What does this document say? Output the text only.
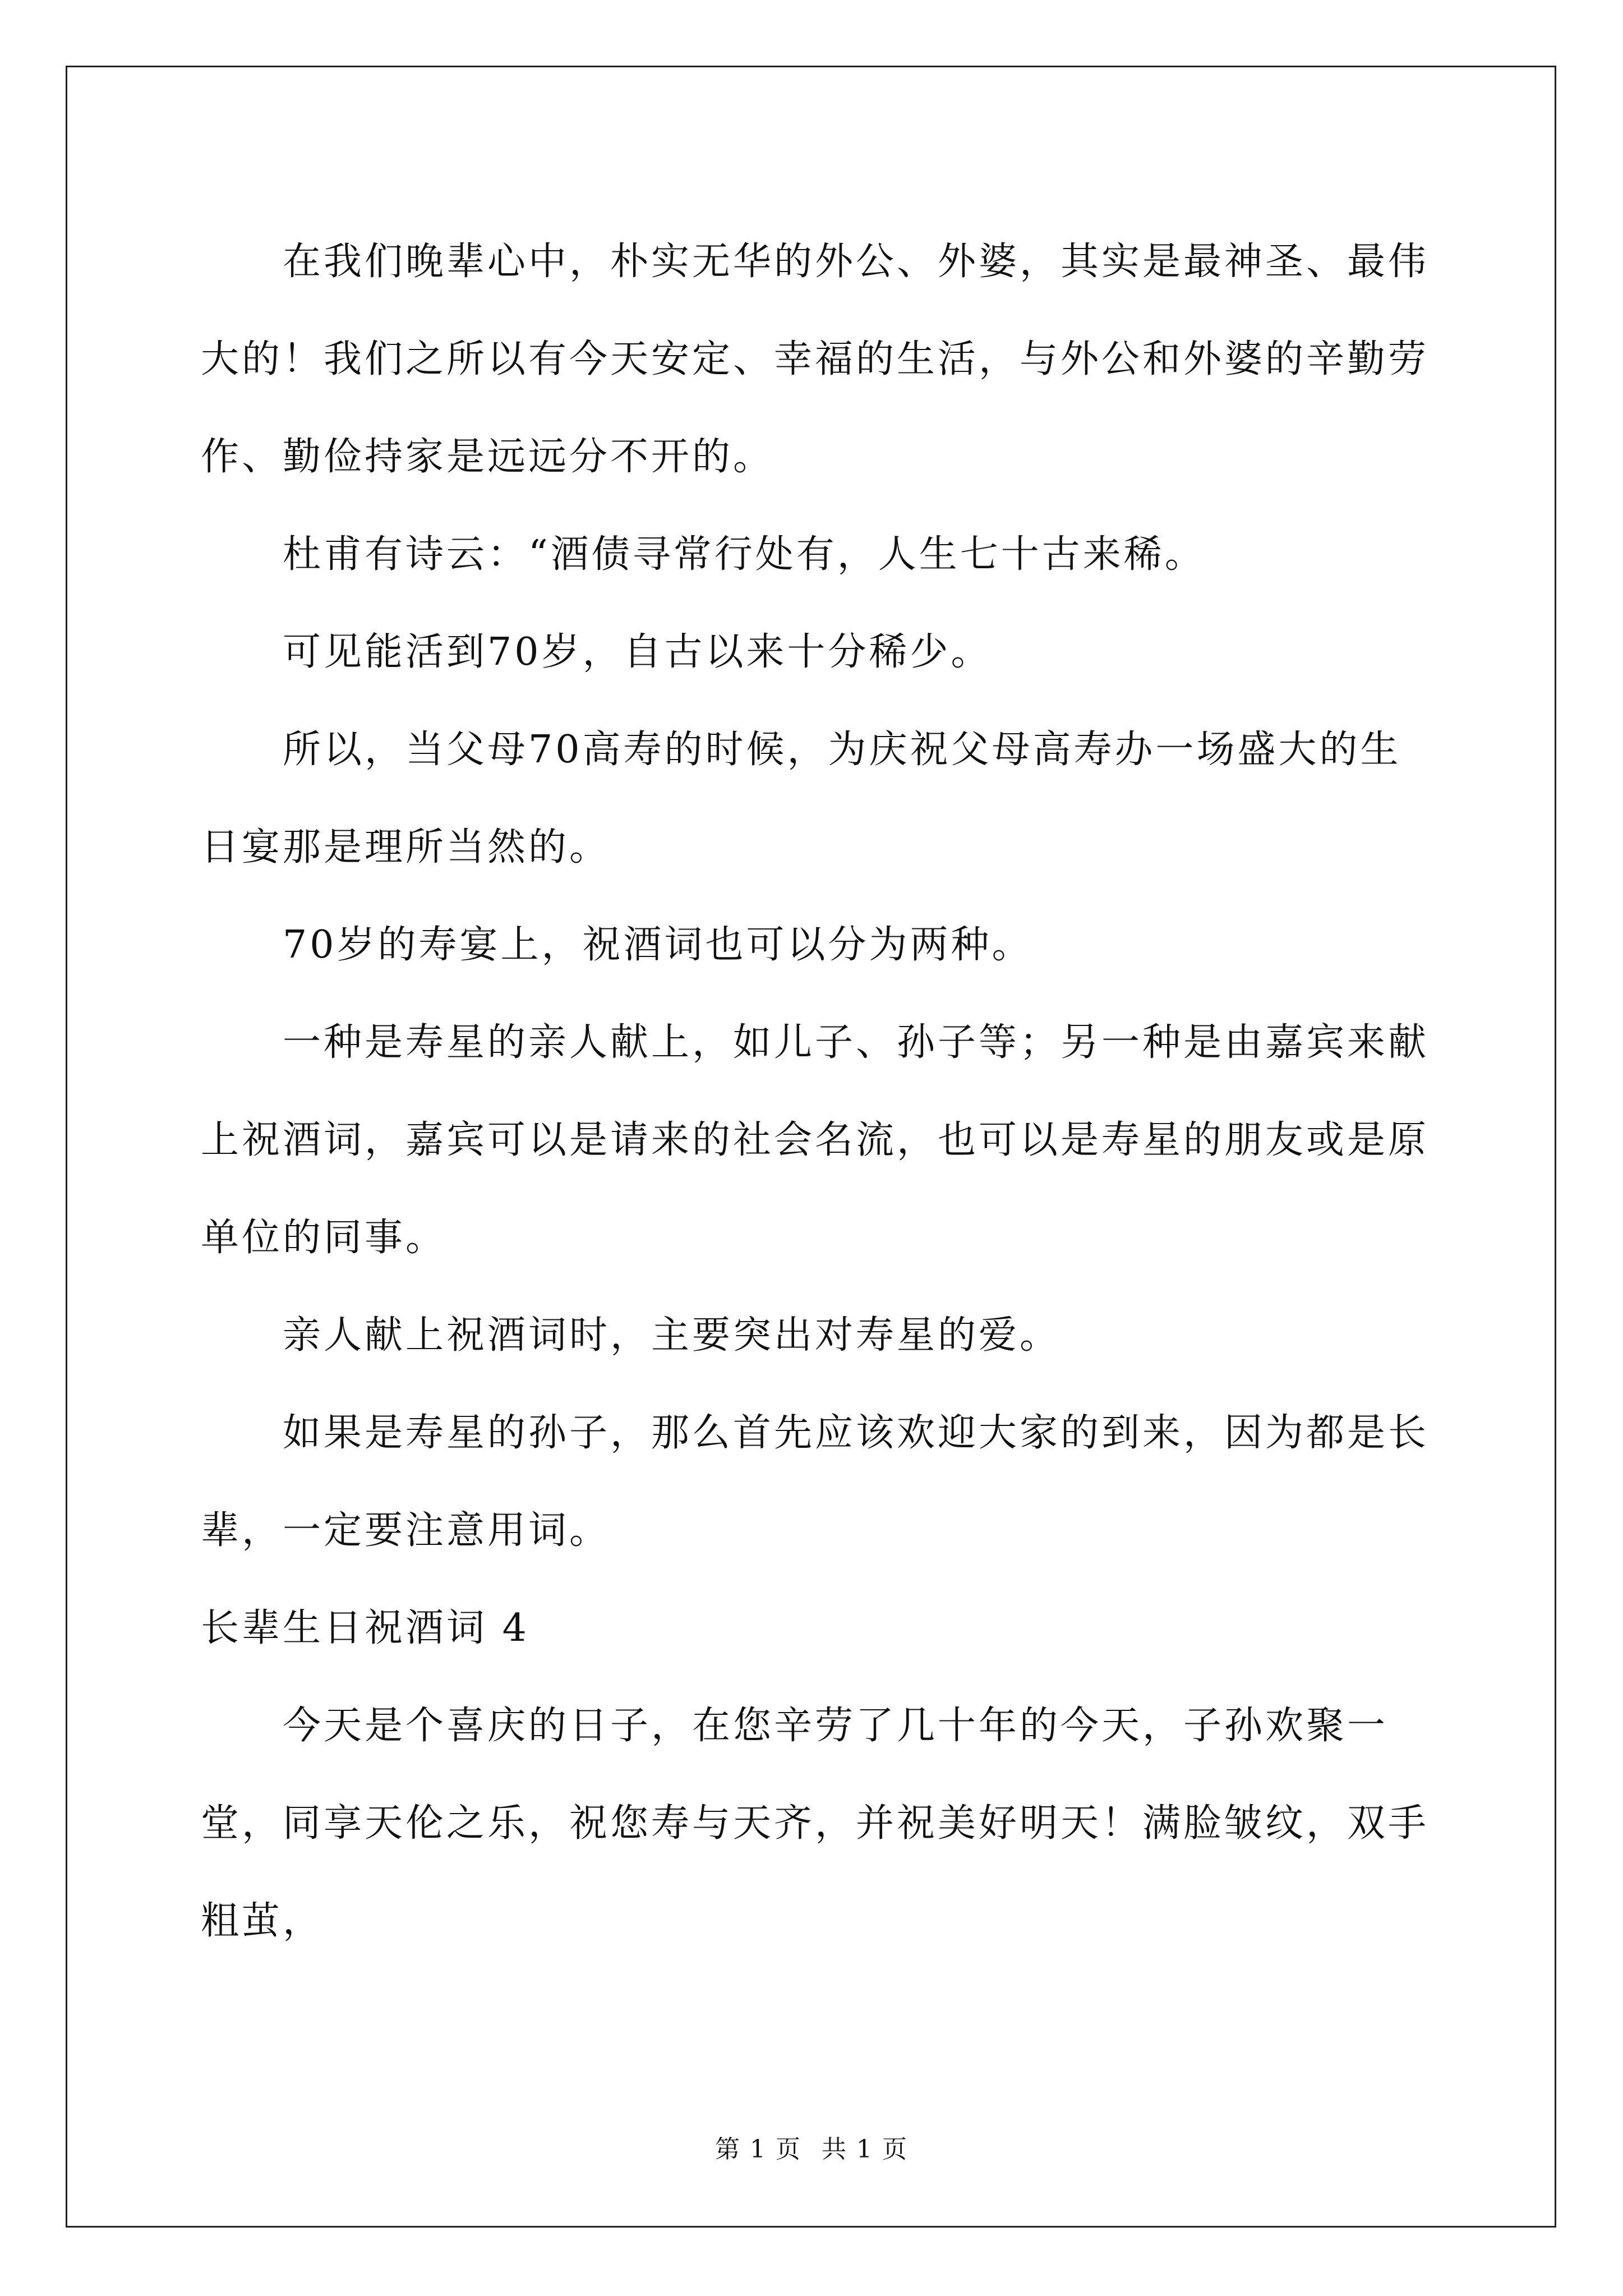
在我们晚辈心中，朴实无华的外公、外婆，其实是最神圣、最伟大的！我们之所以有今天安定、幸福的生活，与外公和外婆的辛勤劳作、勤俭持家是远远分不开的。

杜甫有诗云：“酒债寻常行处有，人生七十古来稀。

可见能活到70岁，自古以来十分稀少。

所以，当父母70高寿的时候，为庆祝父母高寿办一场盛大的生日宴那是理所当然的。

70岁的寿宴上，祝酒词也可以分为两种。

一种是寿星的亲人献上，如儿子、孙子等；另一种是由嘉宾来献上祝酒词，嘉宾可以是请来的社会名流，也可以是寿星的朋友或是原单位的同事。

亲人献上祝酒词时，主要突出对寿星的爱。

如果是寿星的孙子，那么首先应该欢迎大家的到来，因为都是长辈，一定要注意用词。

长辈生日祝酒词 4

今天是个喜庆的日子，在您辛劳了几十年的今天，子孙欢聚一堂，同享天伦之乐，祝您寿与天齐，并祝美好明天！满脸皱纹，双手粗茧，

第 1 页 共 1 页
